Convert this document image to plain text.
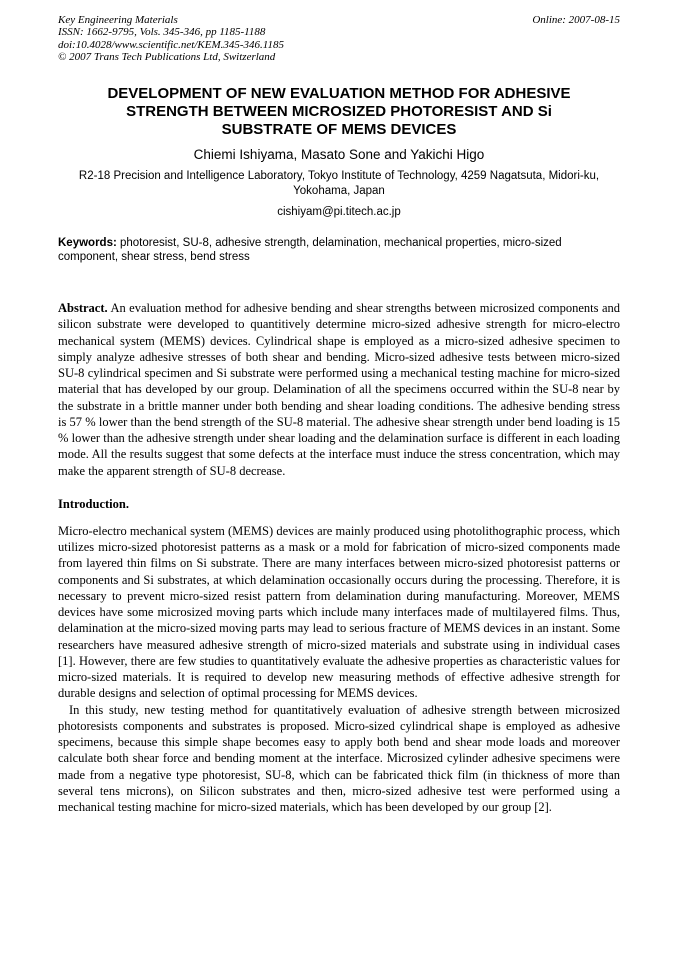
Key Engineering Materials

ISSN: 1662-9795, Vols. 345-346, pp 1185-1188

doi:10.4028/www.scientific.net/KEM.345-346.1185

© 2007 Trans Tech Publications Ltd, Switzerland

Online: 2007-08-15
DEVELOPMENT OF NEW EVALUATION METHOD FOR ADHESIVE STRENGTH BETWEEN MICROSIZED PHOTORESIST AND Si SUBSTRATE OF MEMS DEVICES

Chiemi Ishiyama, Masato Sone and Yakichi Higo

R2-18 Precision and Intelligence Laboratory, Tokyo Institute of Technology, 4259 Nagatsuta, Midori-ku, Yokohama, Japan

cishiyam@pi.titech.ac.jp

Keywords: photoresist, SU-8, adhesive strength, delamination, mechanical properties, micro-sized component, shear stress, bend stress

Abstract. An evaluation method for adhesive bending and shear strengths between microsized components and silicon substrate were developed to quantitively determine micro-sized adhesive strength for micro-electro mechanical system (MEMS) devices. Cylindrical shape is employed as a micro-sized adhesive specimen to simply analyze adhesive stresses of both shear and bending. Micro-sized adhesive tests between micro-sized SU-8 cylindrical specimen and Si substrate were performed using a mechanical testing machine for micro-sized material that has developed by our group. Delamination of all the specimens occurred within the SU-8 near by the substrate in a brittle manner under both bending and shear loading conditions. The adhesive bending stress is 57 % lower than the bend strength of the SU-8 material. The adhesive shear strength under bend loading is 15 % lower than the adhesive strength under shear loading and the delamination surface is different in each loading mode. All the results suggest that some defects at the interface must induce the stress concentration, which may make the apparent strength of SU-8 decrease.

Introduction.

Micro-electro mechanical system (MEMS) devices are mainly produced using photolithographic process, which utilizes micro-sized photoresist patterns as a mask or a mold for fabrication of micro-sized components made from layered thin films on Si substrate. There are many interfaces between micro-sized photoresist patterns or components and Si substrates, at which delamination occasionally occurs during the processing. Therefore, it is necessary to prevent micro-sized resist pattern from delamination during manufacturing. Moreover, MEMS devices have some microsized moving parts which include many interfaces made of multilayered films. Thus, delamination at the micro-sized moving parts may lead to serious fracture of MEMS devices in an instant. Some researchers have measured adhesive strength of micro-sized materials and substrate using in individual cases [1]. However, there are few studies to quantitatively evaluate the adhesive properties as characteristic values for micro-sized materials. It is required to develop new measuring methods of effective adhesive strength for durable designs and selection of optimal processing for MEMS devices.

In this study, new testing method for quantitatively evaluation of adhesive strength between microsized photoresists components and substrates is proposed. Micro-sized cylindrical shape is employed as adhesive specimens, because this simple shape becomes easy to apply both bend and shear mode loads and moreover calculate both shear force and bending moment at the interface. Microsized cylinder adhesive specimens were made from a negative type photoresist, SU-8, which can be fabricated thick film (in thickness of more than several tens microns), on Silicon substrates and then, micro-sized adhesive test were performed using a mechanical testing machine for micro-sized materials, which has been developed by our group [2].
